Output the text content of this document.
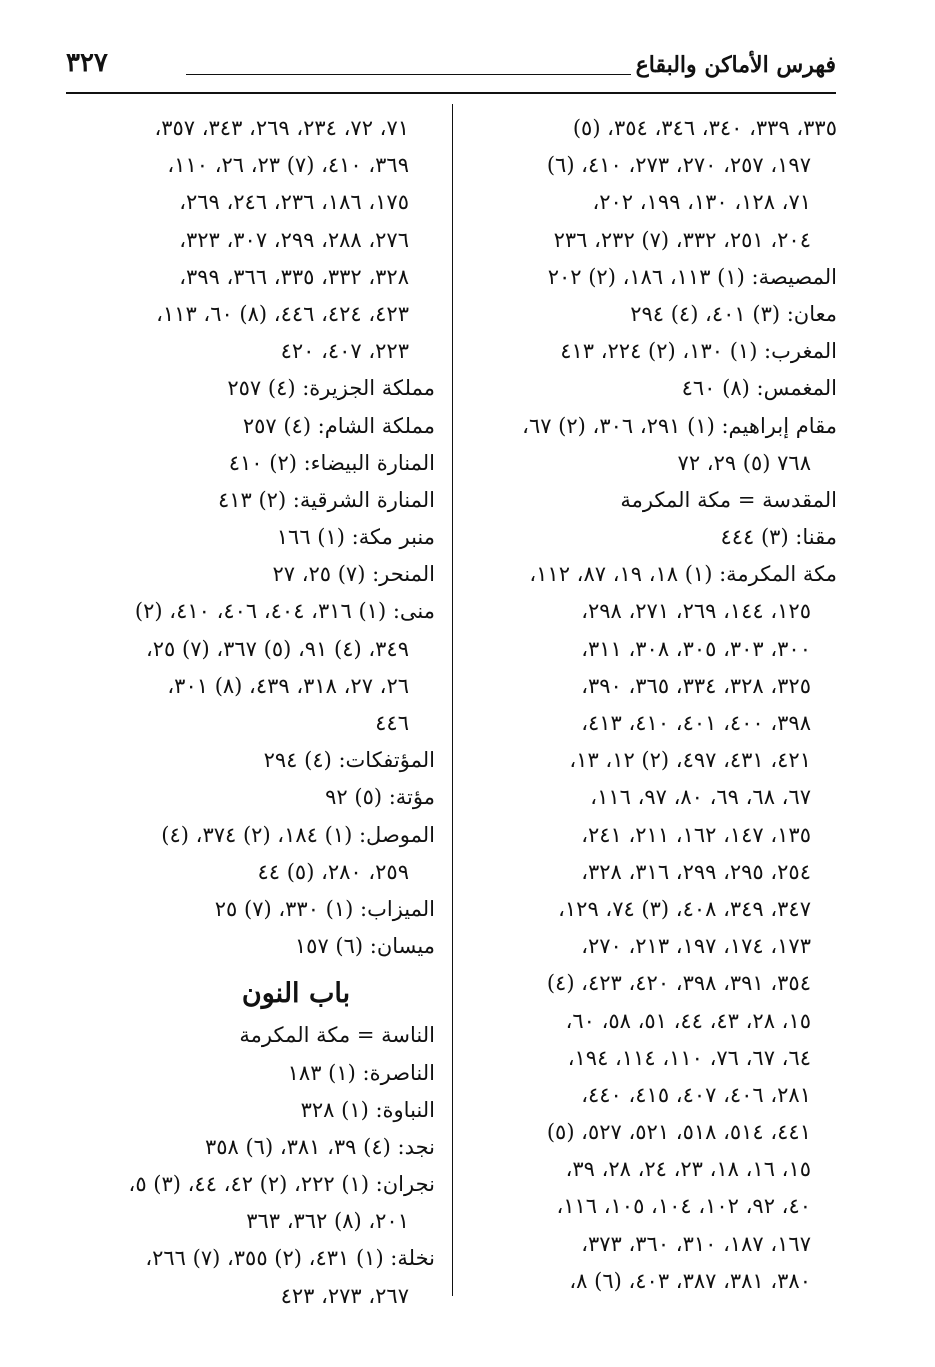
فهرس الأماكن والبقاع
٣٢٧
٣٣٥، ٣٣٩، ٣٤٠، ٣٤٦، ٣٥٤، (٥)
١٩٧، ٢٥٧، ٢٧٠، ٢٧٣، ٤١٠، (٦)
٧١، ١٢٨، ١٣٠، ١٩٩، ٢٠٢،
٢٠٤، ٢٥١، ٣٣٢، (٧) ٢٣٢، ٢٣٦
المصيصة: (١) ١١٣، ١٨٦، (٢) ٢٠٢
معان: (٣) ٤٠١، (٤) ٢٩٤
المغرب: (١) ١٣٠، (٢) ٢٢٤، ٤١٣
المغمس: (٨) ٤٦٠
مقام إبراهيم: (١) ٢٩١، ٣٠٦، (٢) ٦٧،
٧٦٨ (٥) ٢٩، ٧٢
المقدسة = مكة المكرمة
مقنا: (٣) ٤٤٤
مكة المكرمة: (١) ١٨، ١٩، ٨٧، ١١٢،
١٢٥، ١٤٤، ٢٦٩، ٢٧١، ٢٩٨،
٣٠٠، ٣٠٣، ٣٠٥، ٣٠٨، ٣١١،
٣٢٥، ٣٢٨، ٣٣٤، ٣٦٥، ٣٩٠،
٣٩٨، ٤٠٠، ٤٠١، ٤١٠، ٤١٣،
٤٢١، ٤٣١، ٤٩٧، (٢) ١٢، ١٣،
٦٧، ٦٨، ٦٩، ٨٠، ٩٧، ١١٦،
١٣٥، ١٤٧، ١٦٢، ٢١١، ٢٤١،
٢٥٤، ٢٩٥، ٢٩٩، ٣١٦، ٣٢٨،
٣٤٧، ٣٤٩، ٤٠٨، (٣) ٧٤، ١٢٩،
١٧٣، ١٧٤، ١٩٧، ٢١٣، ٢٧٠،
٣٥٤، ٣٩١، ٣٩٨، ٤٢٠، ٤٢٣، (٤)
١٥، ٢٨، ٤٣، ٤٤، ٥١، ٥٨، ٦٠،
٦٤، ٦٧، ٧٦، ١١٠، ١١٤، ١٩٤،
٢٨١، ٤٠٦، ٤٠٧، ٤١٥، ٤٤٠،
٤٤١، ٥١٤، ٥١٨، ٥٢١، ٥٢٧، (٥)
١٥، ١٦، ١٨، ٢٣، ٢٤، ٢٨، ٣٩،
٤٠، ٩٢، ١٠٢، ١٠٤، ١٠٥، ١١٦،
١٦٧، ١٨٧، ٣١٠، ٣٦٠، ٣٧٣،
٣٨٠، ٣٨١، ٣٨٧، ٤٠٣، (٦) ٨،
٧١، ٧٢، ٢٣٤، ٢٦٩، ٣٤٣، ٣٥٧،
٣٦٩، ٤١٠، (٧) ٢٣، ٢٦، ١١٠،
١٧٥، ١٨٦، ٢٣٦، ٢٤٦، ٢٦٩،
٢٧٦، ٢٨٨، ٢٩٩، ٣٠٧، ٣٢٣،
٣٢٨، ٣٣٢، ٣٣٥، ٣٦٦، ٣٩٩،
٤٢٣، ٤٢٤، ٤٤٦، (٨) ٦٠، ١١٣،
٢٢٣، ٤٠٧، ٤٢٠
مملكة الجزيرة: (٤) ٢٥٧
مملكة الشام: (٤) ٢٥٧
المنارة البيضاء: (٢) ٤١٠
المنارة الشرقية: (٢) ٤١٣
منبر مكة: (١) ١٦٦
المنحر: (٧) ٢٥، ٢٧
منى: (١) ٣١٦، ٤٠٤، ٤٠٦، ٤١٠، (٢)
٣٤٩، (٤) ٩١، (٥) ٣٦٧، (٧) ٢٥،
٢٦، ٢٧، ٣١٨، ٤٣٩، (٨) ٣٠١،
٤٤٦
المؤتفكات: (٤) ٢٩٤
مؤتة: (٥) ٩٢
الموصل: (١) ١٨٤، (٢) ٣٧٤، (٤)
٢٥٩، ٢٨٠، (٥) ٤٤
الميزاب: (١) ٣٣٠، (٧) ٢٥
ميسان: (٦) ١٥٧
باب النون
الناسة = مكة المكرمة
الناصرة: (١) ١٨٣
النباوة: (١) ٣٢٨
نجد: (٤) ٣٩، ٣٨١، (٦) ٣٥٨
نجران: (١) ٢٢٢، (٢) ٤٢، ٤٤، (٣) ٥،
٢٠١، (٨) ٣٦٢، ٣٦٣
نخلة: (١) ٤٣١، (٢) ٣٥٥، (٧) ٢٦٦،
٢٦٧، ٢٧٣، ٤٢٣
